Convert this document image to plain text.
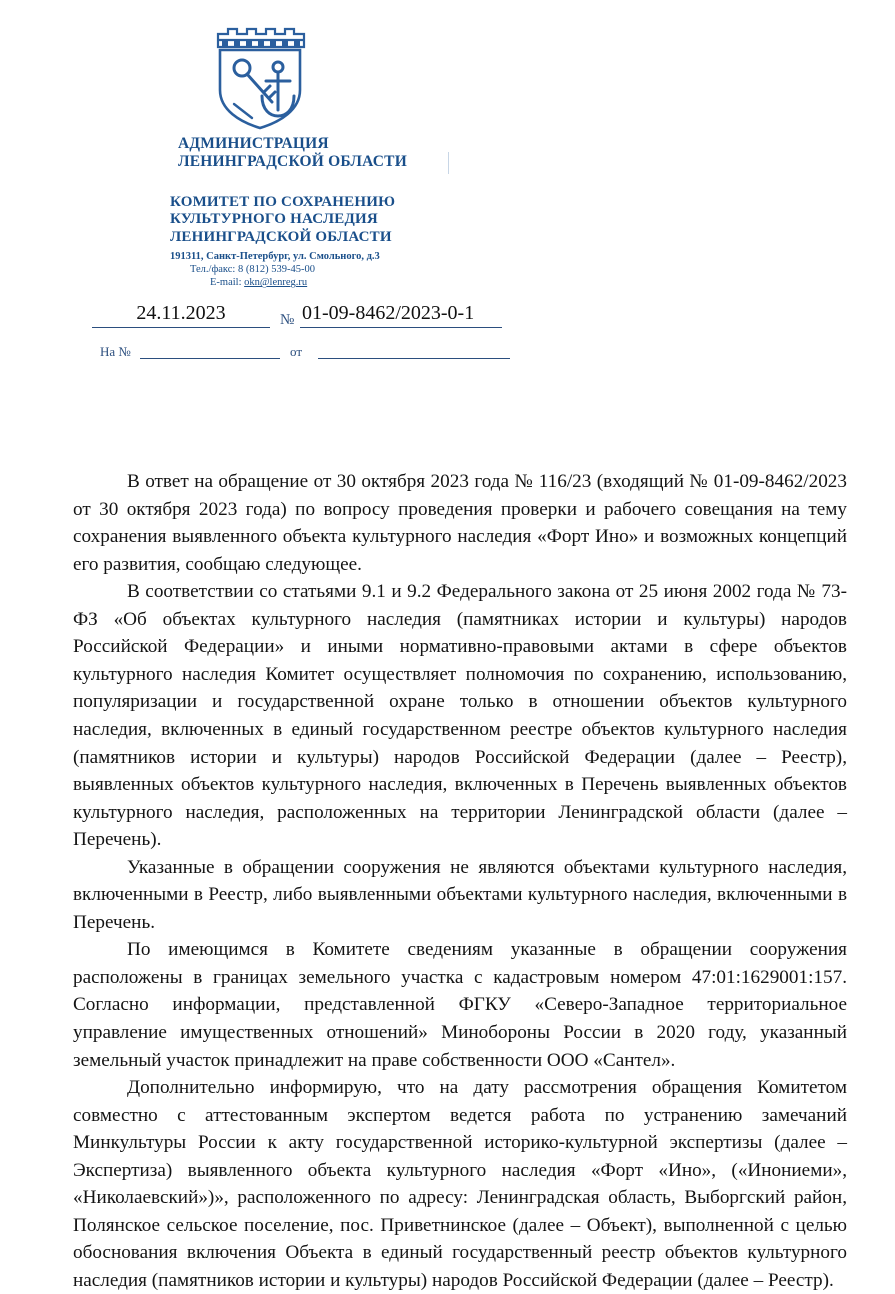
АДМИНИСТРАЦИЯ
ЛЕНИНГРАДСКОЙ ОБЛАСТИ
КОМИТЕТ ПО СОХРАНЕНИЮ
КУЛЬТУРНОГО НАСЛЕДИЯ
ЛЕНИНГРАДСКОЙ ОБЛАСТИ
191311, Санкт-Петербург, ул. Смольного, д.3
Тел./факс: 8 (812) 539-45-00
E-mail: okn@lenreg.ru
24.11.2023	№ 01-09-8462/2023-0-1
На №	от

В ответ на обращение от 30 октября 2023 года № 116/23 (входящий № 01-09-8462/2023 от 30 октября 2023 года) по вопросу проведения проверки и рабочего совещания на тему сохранения выявленного объекта культурного наследия «Форт Ино» и возможных концепций его развития, сообщаю следующее.

В соответствии со статьями 9.1 и 9.2 Федерального закона от 25 июня 2002 года № 73-ФЗ «Об объектах культурного наследия (памятниках истории и культуры) народов Российской Федерации» и иными нормативно-правовыми актами в сфере объектов культурного наследия Комитет осуществляет полномочия по сохранению, использованию, популяризации и государственной охране только в отношении объектов культурного наследия, включенных в единый государственном реестре объектов культурного наследия (памятников истории и культуры) народов Российской Федерации (далее – Реестр), выявленных объектов культурного наследия, включенных в Перечень выявленных объектов культурного наследия, расположенных на территории Ленинградской области (далее – Перечень).

Указанные в обращении сооружения не являются объектами культурного наследия, включенными в Реестр, либо выявленными объектами культурного наследия, включенными в Перечень.

По имеющимся в Комитете сведениям указанные в обращении сооружения расположены в границах земельного участка с кадастровым номером 47:01:1629001:157. Согласно информации, представленной ФГКУ «Северо-Западное территориальное управление имущественных отношений» Минобороны России в 2020 году, указанный земельный участок принадлежит на праве собственности ООО «Сантел».

Дополнительно информирую, что на дату рассмотрения обращения Комитетом совместно с аттестованным экспертом ведется работа по устранению замечаний Минкультуры России к акту государственной историко-культурной экспертизы (далее – Экспертиза) выявленного объекта культурного наследия «Форт «Ино», («Инониеми», «Николаевский»)», расположенного по адресу: Ленинградская область, Выборгский район, Полянское сельское поселение, пос. Приветнинское (далее – Объект), выполненной с целью обоснования включения Объекта в единый государственный реестр объектов культурного наследия (памятников истории и культуры) народов Российской Федерации (далее – Реестр).
